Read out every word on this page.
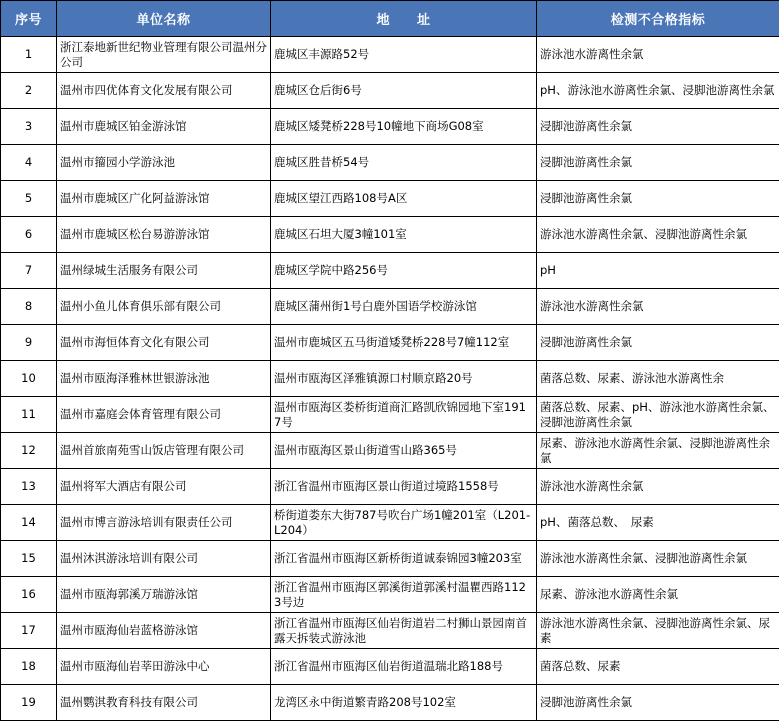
序号	单位名称	地　　址	检测不合格指标
1	浙江泰地新世纪物业管理有限公司温州分公司	鹿城区丰源路52号	游泳池水游离性余氯
2	温州市四优体育文化发展有限公司	鹿城区仓后街6号	pH、游泳池水游离性余氯、浸脚池游离性余氯
3	温州市鹿城区铂金游泳馆	鹿城区矮凳桥228号10幢地下商场G08室	浸脚池游离性余氯
4	温州市籀园小学游泳池	鹿城区胜昔桥54号	浸脚池游离性余氯
5	温州市鹿城区广化阿益游泳馆	鹿城区望江西路108号A区	浸脚池游离性余氯
6	温州市鹿城区松台易游游泳馆	鹿城区石坦大厦3幢101室	游泳池水游离性余氯、浸脚池游离性余氯
7	温州绿城生活服务有限公司	鹿城区学院中路256号	pH
8	温州小鱼儿体育俱乐部有限公司	鹿城区蒲州街1号白鹿外国语学校游泳馆	游泳池水游离性余氯
9	温州市海恒体育文化有限公司	温州市鹿城区五马街道矮凳桥228号7幢112室	浸脚池游离性余氯
10	温州市瓯海泽雅林世银游泳池	温州市瓯海区泽雅镇源口村顺京路20号	菌落总数、尿素、游泳池水游离性余
11	温州市嘉庭会体育管理有限公司	温州市瓯海区娄桥街道商汇路凯欣锦园地下室1917号	菌落总数、尿素、pH、游泳池水游离性余氯、浸脚池游离性余氯
12	温州首旅南苑雪山饭店管理有限公司	温州市瓯海区景山街道雪山路365号	尿素、游泳池水游离性余氯、浸脚池游离性余氯
13	温州将军大酒店有限公司	浙江省温州市瓯海区景山街道过境路1558号	游泳池水游离性余氯
14	温州市博言游泳培训有限责任公司	桥街道娄东大街787号吹台广场1幢201室（L201-L204）	pH、菌落总数、　尿素
15	温州沐淇游泳培训有限公司	浙江省温州市瓯海区新桥街道诚泰锦园3幢203室	游泳池水游离性余氯、浸脚池游离性余氯
16	温州市瓯海郭溪万瑞游泳馆	浙江省温州市瓯海区郭溪街道郭溪村温瞿西路1123号边	尿素、游泳池水游离性余氯
17	温州市瓯海仙岩蓝格游泳馆	浙江省温州市瓯海区仙岩街道岩二村狮山景园南首露天拆装式游泳池	游泳池水游离性余氯、浸脚池游离性余氯、尿素
18	温州市瓯海仙岩莘田游泳中心	浙江省温州市瓯海区仙岩街道温瑞北路188号	菌落总数、尿素
19	温州鹦淇教育科技有限公司	龙湾区永中街道繁青路208号102室	浸脚池游离性余氯
